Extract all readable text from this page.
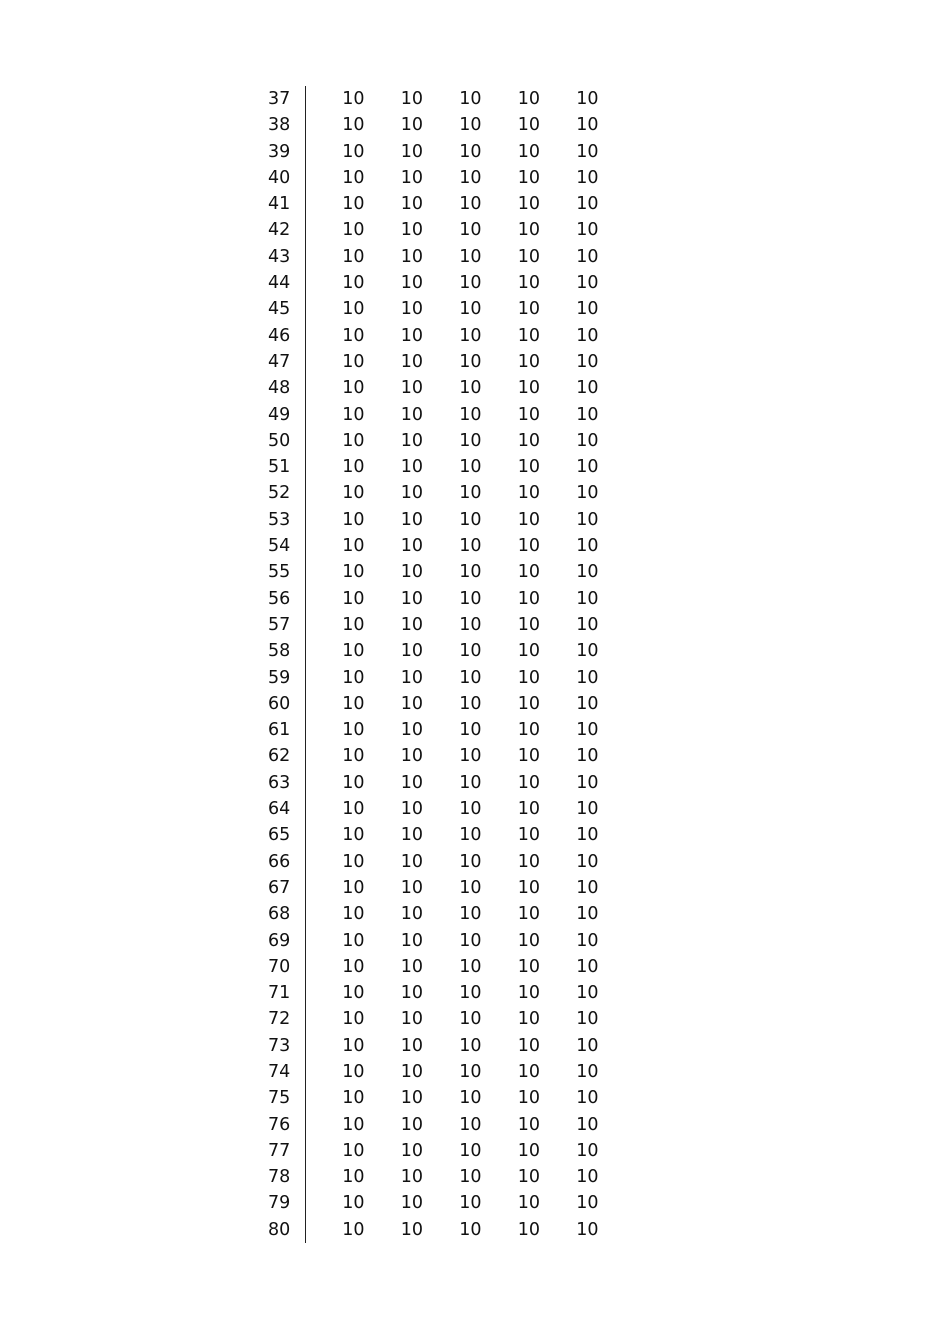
37	10	10	10	10	10
38	10	10	10	10	10
39	10	10	10	10	10
40	10	10	10	10	10
41	10	10	10	10	10
42	10	10	10	10	10
43	10	10	10	10	10
44	10	10	10	10	10
45	10	10	10	10	10
46	10	10	10	10	10
47	10	10	10	10	10
48	10	10	10	10	10
49	10	10	10	10	10
50	10	10	10	10	10
51	10	10	10	10	10
52	10	10	10	10	10
53	10	10	10	10	10
54	10	10	10	10	10
55	10	10	10	10	10
56	10	10	10	10	10
57	10	10	10	10	10
58	10	10	10	10	10
59	10	10	10	10	10
60	10	10	10	10	10
61	10	10	10	10	10
62	10	10	10	10	10
63	10	10	10	10	10
64	10	10	10	10	10
65	10	10	10	10	10
66	10	10	10	10	10
67	10	10	10	10	10
68	10	10	10	10	10
69	10	10	10	10	10
70	10	10	10	10	10
71	10	10	10	10	10
72	10	10	10	10	10
73	10	10	10	10	10
74	10	10	10	10	10
75	10	10	10	10	10
76	10	10	10	10	10
77	10	10	10	10	10
78	10	10	10	10	10
79	10	10	10	10	10
80	10	10	10	10	10
